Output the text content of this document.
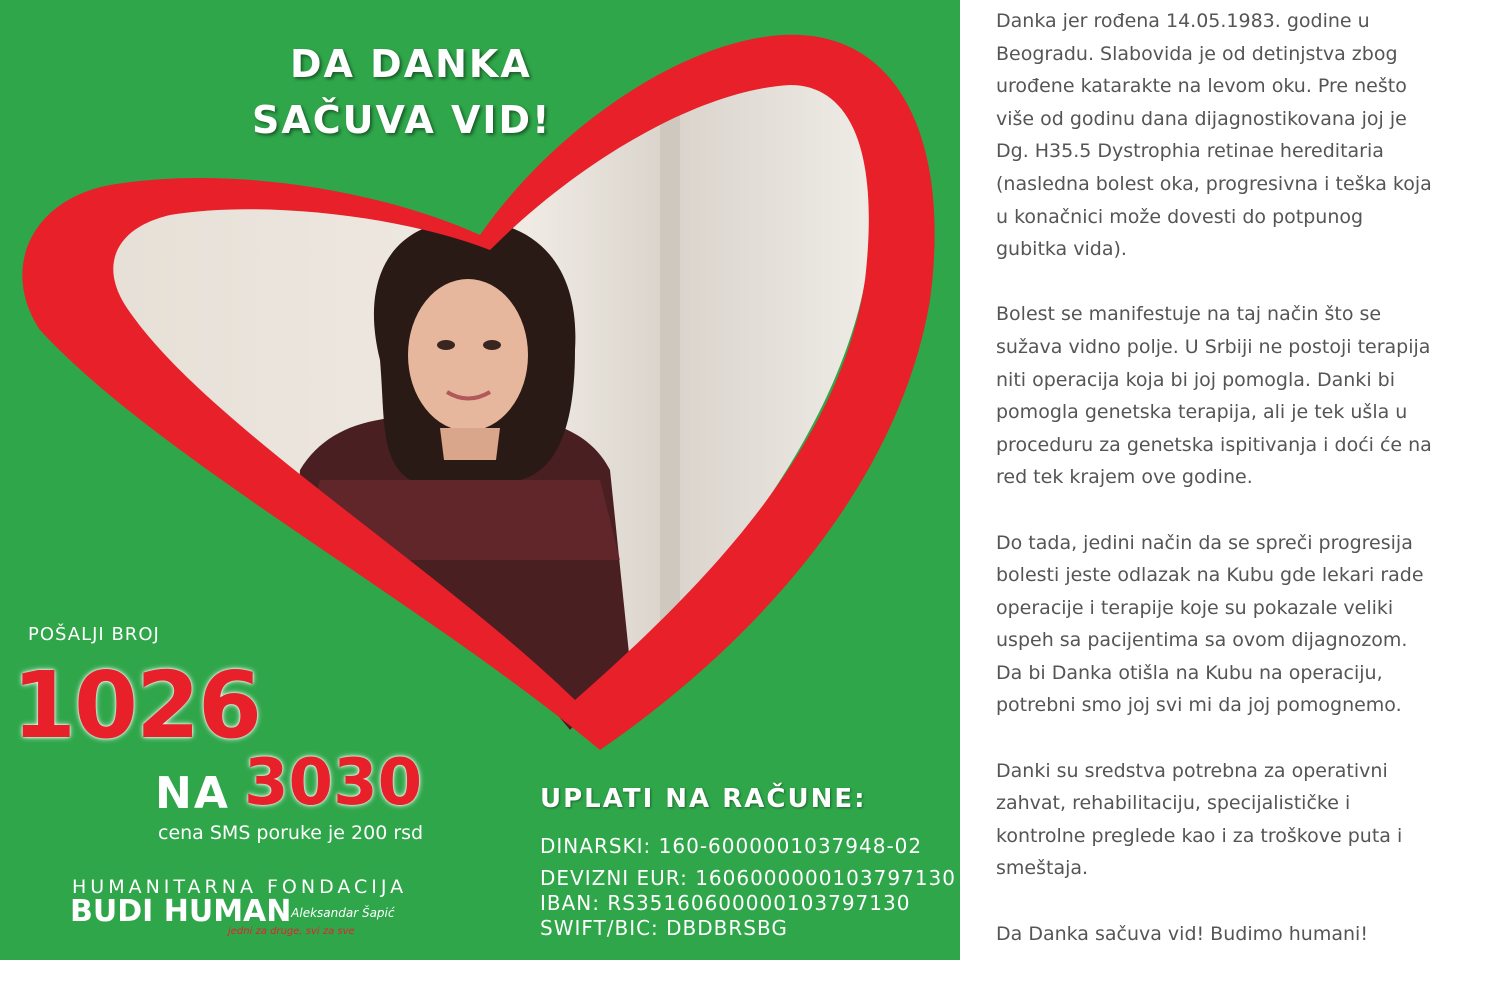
DA DANKA
SAČUVA VID!
POŠALJI BROJ
1026
NA 3030
cena SMS poruke je 200 rsd
HUMANITARNA FONDACIJA
BUDI HUMAN
- Aleksandar Šapić
jedni za druge, svi za sve
UPLATI NA RAČUNE:
DINARSKI: 160-6000001037948-02
DEVIZNI EUR: 1606000000103797130
IBAN: RS35160600000103797130
SWIFT/BIC: DBDBRSBG

Danka jer rođena 14.05.1983. godine u
Beogradu. Slabovida je od detinjstva zbog
urođene katarakte na levom oku. Pre nešto
više od godinu dana dijagnostikovana joj je
Dg. H35.5 Dystrophia retinae hereditaria
(nasledna bolest oka, progresivna i teška koja
u konačnici može dovesti do potpunog
gubitka vida).

Bolest se manifestuje na taj način što se
sužava vidno polje. U Srbiji ne postoji terapija
niti operacija koja bi joj pomogla. Danki bi
pomogla genetska terapija, ali je tek ušla u
proceduru za genetska ispitivanja i doći će na
red tek krajem ove godine.

Do tada, jedini način da se spreči progresija
bolesti jeste odlazak na Kubu gde lekari rade
operacije i terapije koje su pokazale veliki
uspeh sa pacijentima sa ovom dijagnozom.
Da bi Danka otišla na Kubu na operaciju,
potrebni smo joj svi mi da joj pomognemo.

Danki su sredstva potrebna za operativni
zahvat, rehabilitaciju, specijalističke i
kontrolne preglede kao i za troškove puta i
smeštaja.

Da Danka sačuva vid! Budimo humani!
